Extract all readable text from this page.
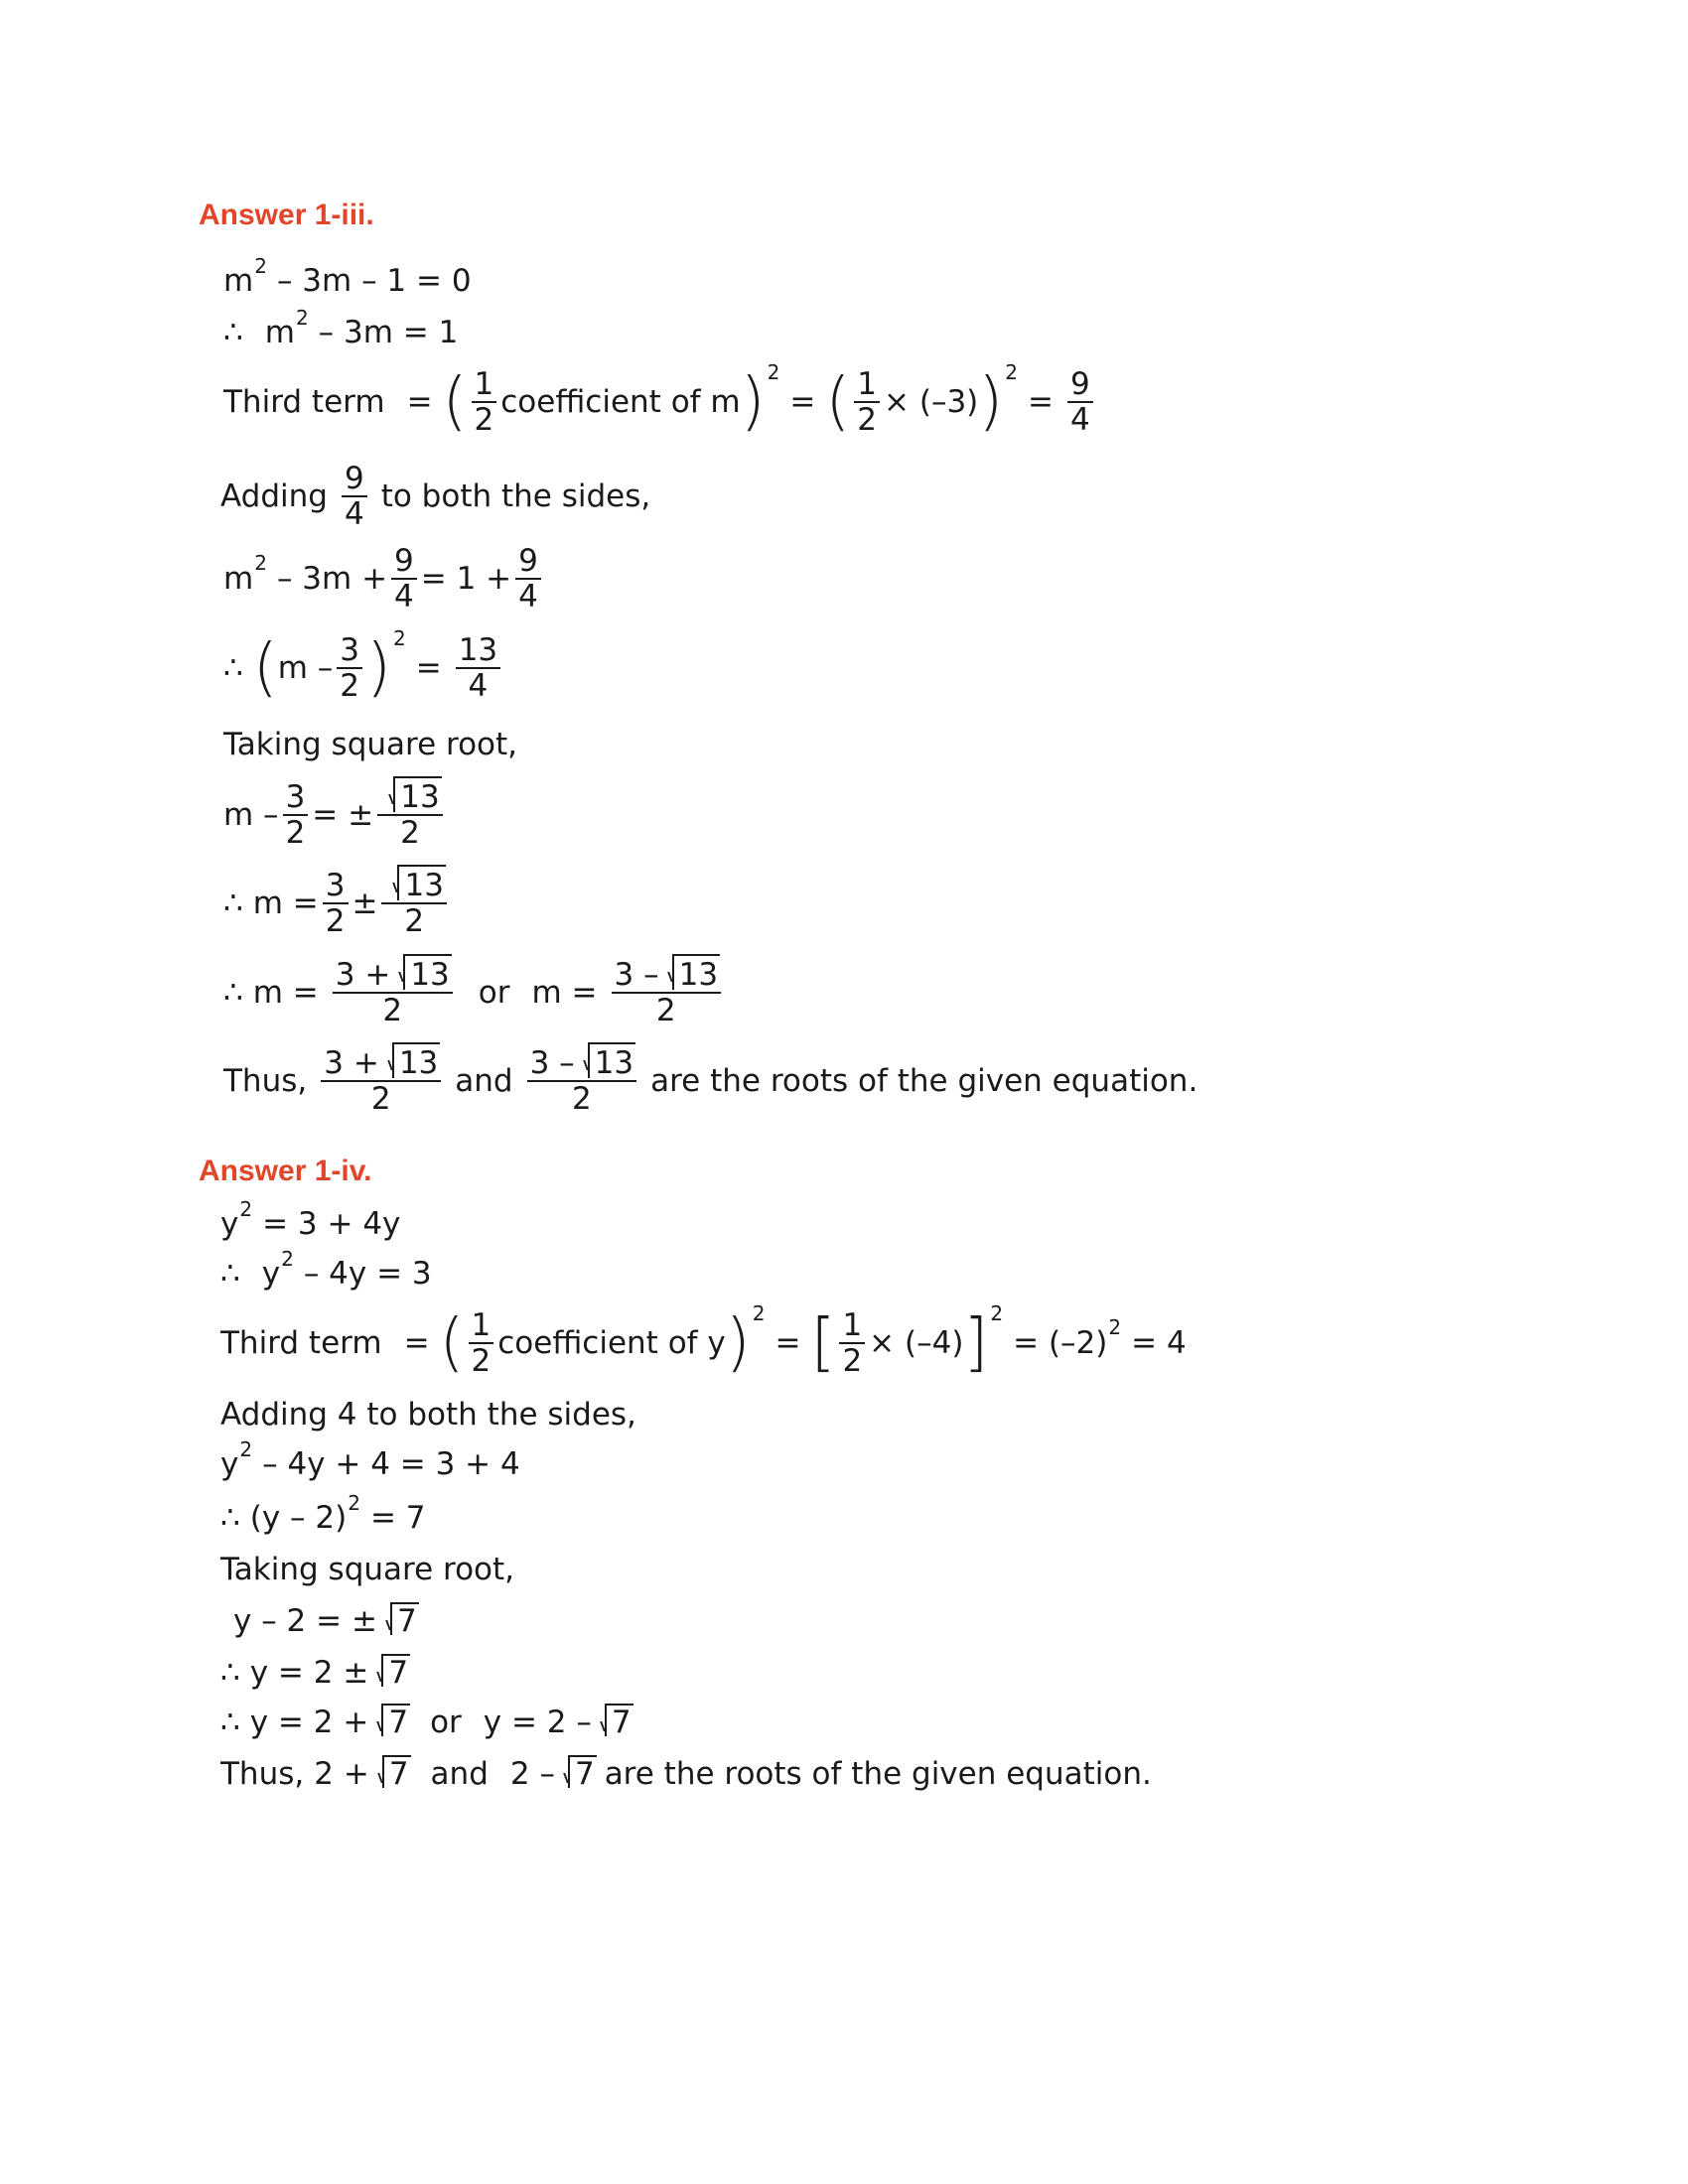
Answer 1-iii.
m 2 – 3m – 1 = 0
∴ m 2 – 3m = 1
Third term = ( $\frac{1}{2}$ coefficient of m ) 2
= ( $\frac{1}{2} \times (-3)$ ) 2
= $\frac{9}{4}$
Adding $\frac{9}{4}$ to both the sides,
m $2 - 3m + \frac{9}{4} = 1 + \frac{9}{4}$
∴ ( m – $\frac{3}{2}$ ) 2
= $\frac{13}{4}$
Taking square root,
m – $\frac{3}{2}$ = ± $\frac{13}{2}$
∴ $m = \frac{3}{2} \pm \frac{13}{2}$
∴ $m = \frac{3 + 13}{2}$ or $m = \frac{3 - 13}{2}$
Thus, $\frac{3 + 13}{2}$ and $\frac{3 - 13}{2}$ are the roots of the given equation.
Answer 1-iv.
y 2 = 3 + 4y
∴ y 2 – 4y = 3
Third term = ( $\frac{1}{2}$ coefficient of y ) 2
= [ $\frac{1}{2} \times (-4)$ ] 2
= (–2) 2 = 4
Adding 4 to both the sides,
y 2 – 4y + 4 = 3 + 4
∴ (y – 2) 2 = 7
Taking square root,
y – 2 = ± 7
∴ y = 2 ± 7
∴ y = 2 + 7 or y = 2 – 7
Thus, 2 + 7 and 2 – 7 are the roots of the given equation.
